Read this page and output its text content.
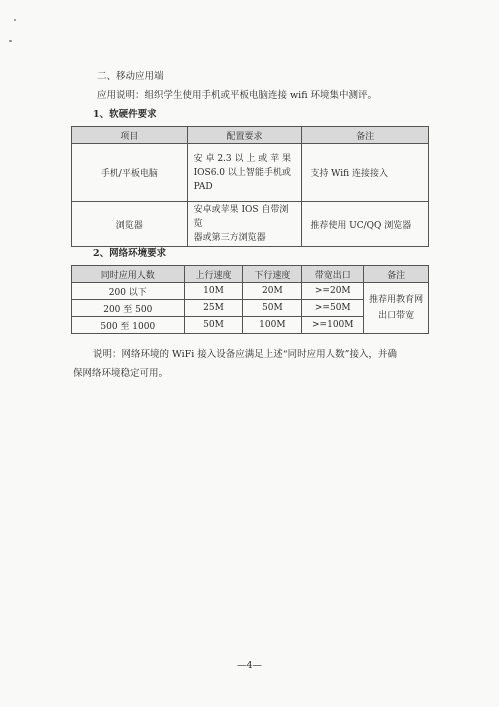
二、移动应用端
应用说明：组织学生使用手机或平板电脑连接 wifi 环境集中测评。
1、软硬件要求
项目	配置要求	备注
手机/平板电脑	安 卓 2.3 以 上 或 苹 果
IOS6.0 以上智能手机或
PAD	支持 Wifi 连接接入
浏览器	安卓或苹果 IOS 自带浏览
器或第三方浏览器	推荐使用 UC/QQ 浏览器
2、网络环境要求
同时应用人数	上行速度	下行速度	带宽出口	备注
200 以下	10M	20M	>=20M	推荐用教育网
出口带宽

200 至 500	25M	50M	>=50M	
500 至 1000	50M	100M	>=100M	
说明：网络环境的 WiFi 接入设备应满足上述“同时应用人数”接入，并确
保网络环境稳定可用。
—4—
